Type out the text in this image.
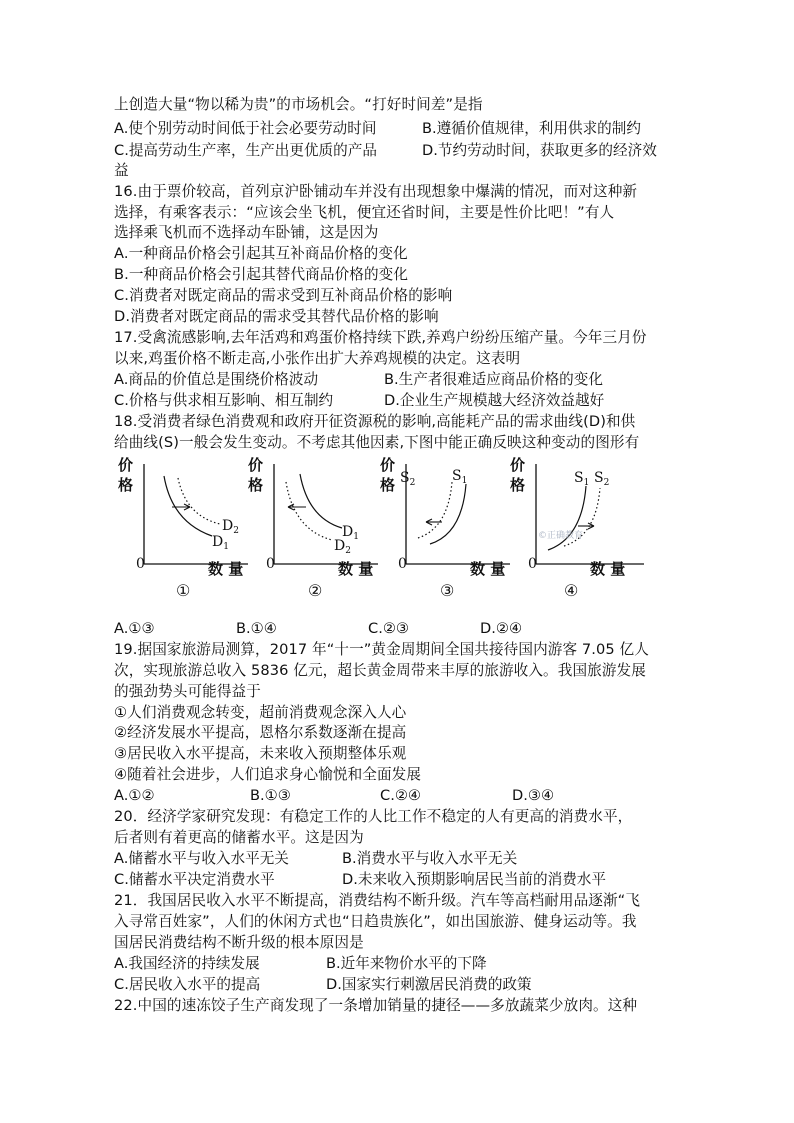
上创造大量“物以稀为贵”的市场机会。“打好时间差”是指
A.使个别劳动时间低于社会必要劳动时间	B.遵循价值规律，利用供求的制约
C.提高劳动生产率，生产出更优质的产品	D.节约劳动时间，获取更多的经济效
益
16.由于票价较高，首列京沪卧铺动车并没有出现想象中爆满的情况，而对这种新
选择，有乘客表示：“应该会坐飞机，便宜还省时间，主要是性价比吧！”有人
选择乘飞机而不选择动车卧铺，这是因为
A.一种商品价格会引起其互补商品价格的变化
B.一种商品价格会引起其替代商品价格的变化
C.消费者对既定商品的需求受到互补商品价格的影响
D.消费者对既定商品的需求受其替代品价格的影响
17.受禽流感影响,去年活鸡和鸡蛋价格持续下跌,养鸡户纷纷压缩产量。今年三月份
以来,鸡蛋价格不断走高,小张作出扩大养鸡规模的决定。这表明
A.商品的价值总是围绕价格波动	B.生产者很难适应商品价格的变化
C.价格与供求相互影响、相互制约	D.企业生产规模越大经济效益越好
18.受消费者绿色消费观和政府开征资源税的影响,高能耗产品的需求曲线(D)和供
给曲线(S)一般会发生变动。不考虑其他因素,下图中能正确反映这种变动的图形有
价
格
0	数 量
$D_2$
$D_1$
①
价
格
0	数 量
$D_1$
$D_2$
②
价
格
0	数 量
$S_2$	$S_1$
③
价
格
0	数 量
$S_1$ $S_2$
©正确教育
④
A.①③	B.①④	C.②③	D.②④
19.据国家旅游局测算，2017 年“十一”黄金周期间全国共接待国内游客 7.05 亿人
次，实现旅游总收入 5836 亿元，超长黄金周带来丰厚的旅游收入。我国旅游发展
的强劲势头可能得益于
①人们消费观念转变，超前消费观念深入人心
②经济发展水平提高，恩格尔系数逐渐在提高
③居民收入水平提高，未来收入预期整体乐观
④随着社会进步，人们追求身心愉悦和全面发展
A.①②	B.①③	C.②④	D.③④
20．经济学家研究发现：有稳定工作的人比工作不稳定的人有更高的消费水平，
后者则有着更高的储蓄水平。这是因为
A.储蓄水平与收入水平无关	B.消费水平与收入水平无关
C.储蓄水平决定消费水平	D.未来收入预期影响居民当前的消费水平
21．我国居民收入水平不断提高，消费结构不断升级。汽车等高档耐用品逐渐“飞
入寻常百姓家”，人们的休闲方式也“日趋贵族化”，如出国旅游、健身运动等。我
国居民消费结构不断升级的根本原因是
A.我国经济的持续发展	B.近年来物价水平的下降
C.居民收入水平的提高	D.国家实行刺激居民消费的政策
22.中国的速冻饺子生产商发现了一条增加销量的捷径——多放蔬菜少放肉。这种
